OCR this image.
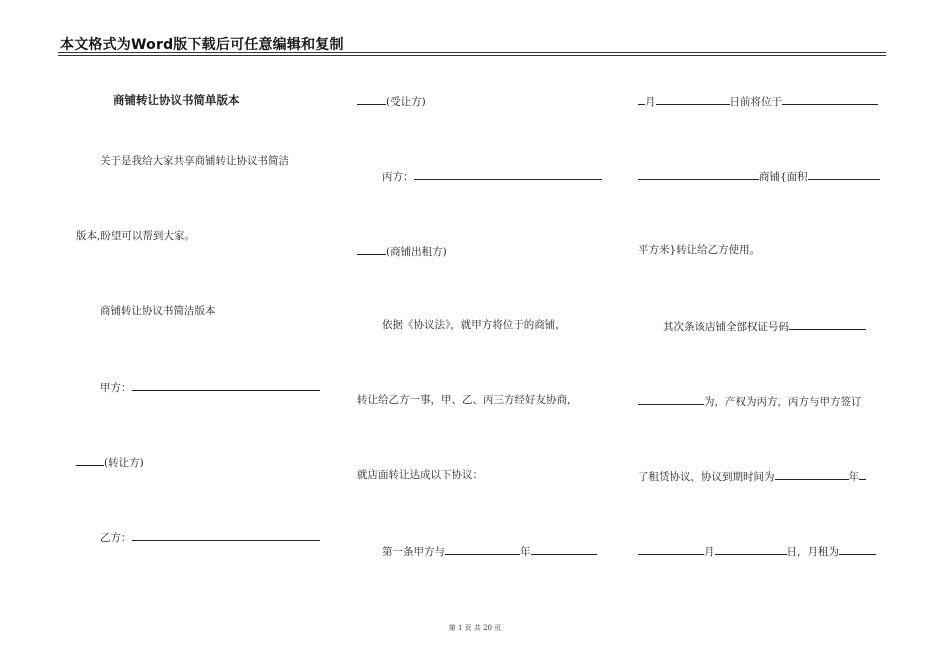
本文格式为Word版下载后可任意编辑和复制
商铺转让协议书简单版本
关于是我给大家共享商铺转让协议书简洁
版本,盼望可以帮到大家。
商铺转让协议书简洁版本
甲方：
(转让方)
乙方：
(受让方)
丙方：
(商铺出租方)
依据《协议法》，就甲方将位于的商铺，
转让给乙方一事，甲、乙、丙三方经好友协商，
就店面转让达成以下协议：
第一条甲方与	年
月	日前将位于
商铺{面积
平方米}转让给乙方使用。
其次条该店铺全部权证号码
为，产权为丙方，丙方与甲方签订
了租赁协议，协议到期时间为	年
月	日，月租为
第 1 页 共 20 页
